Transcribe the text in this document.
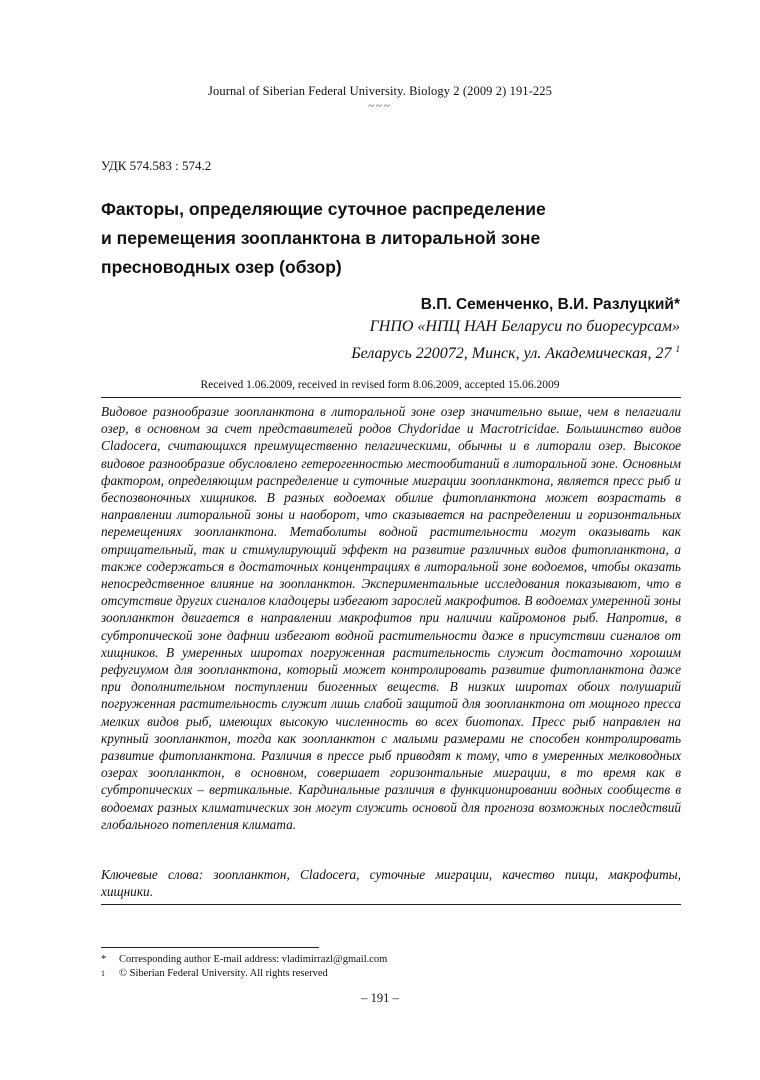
Journal of Siberian Federal University. Biology 2 (2009 2) 191-225
~~~
УДК 574.583 : 574.2
Факторы, определяющие суточное распределение
и перемещения зоопланктона в литоральной зоне
пресноводных озер (обзор)
В.П. Семенченко, В.И. Разлуцкий*
ГНПО «НПЦ НАН Беларуси по биоресурсам»
Беларусь 220072, Минск, ул. Академическая, 27 $^1$
Received 1.06.2009, received in revised form 8.06.2009, accepted 15.06.2009

Видовое разнообразие зоопланктона в литоральной зоне озер значительно выше, чем в пелагиали озер, в основном за счет представителей родов Chydoridae и Macrotricidae. Большинство видов Cladocera, считающихся преимущественно пелагическими, обычны и в литорали озер. Высокое видовое разнообразие обусловлено гетерогенностью местообитаний в литоральной зоне. Основным фактором, определяющим распределение и суточные миграции зоопланктона, является пресс рыб и беспозвоночных хищников. В разных водоемах обилие фитопланктона может возрастать в направлении литоральной зоны и наоборот, что сказывается на распределении и горизонтальных перемещениях зоопланктона. Метаболиты водной растительности могут оказывать как отрицательный, так и стимулирующий эффект на развитие различных видов фитопланктона, а также содержаться в достаточных концентрациях в литоральной зоне водоемов, чтобы оказать непосредственное влияние на зоопланктон. Экспериментальные исследования показывают, что в отсутствие других сигналов кладоцеры избегают зарослей макрофитов. В водоемах умеренной зоны зоопланктон двигается в направлении макрофитов при наличии кайромонов рыб. Напротив, в субтропической зоне дафнии избегают водной растительности даже в присутствии сигналов от хищников. В умеренных широтах погруженная растительность служит достаточно хорошим рефугиумом для зоопланктона, который может контролировать развитие фитопланктона даже при дополнительном поступлении биогенных веществ. В низких широтах обоих полушарий погруженная растительность служит лишь слабой защитой для зоопланктона от мощного пресса мелких видов рыб, имеющих высокую численность во всех биотопах. Пресс рыб направлен на крупный зоопланктон, тогда как зоопланктон с малыми размерами не способен контролировать развитие фитопланктона. Различия в прессе рыб приводят к тому, что в умеренных мелководных озерах зоопланктон, в основном, совершает горизонтальные миграции, в то время как в субтропических – вертикальные. Кардинальные различия в функционировании водных сообществ в водоемах разных климатических зон могут служить основой для прогноза возможных последствий глобального потепления климата.

Ключевые слова: зоопланктон, Cladocera, суточные миграции, качество пищи, макрофиты, хищники.

*	Corresponding author E-mail address: vladimirrazl@gmail.com
$^1$	© Siberian Federal University. All rights reserved
– 191 –
